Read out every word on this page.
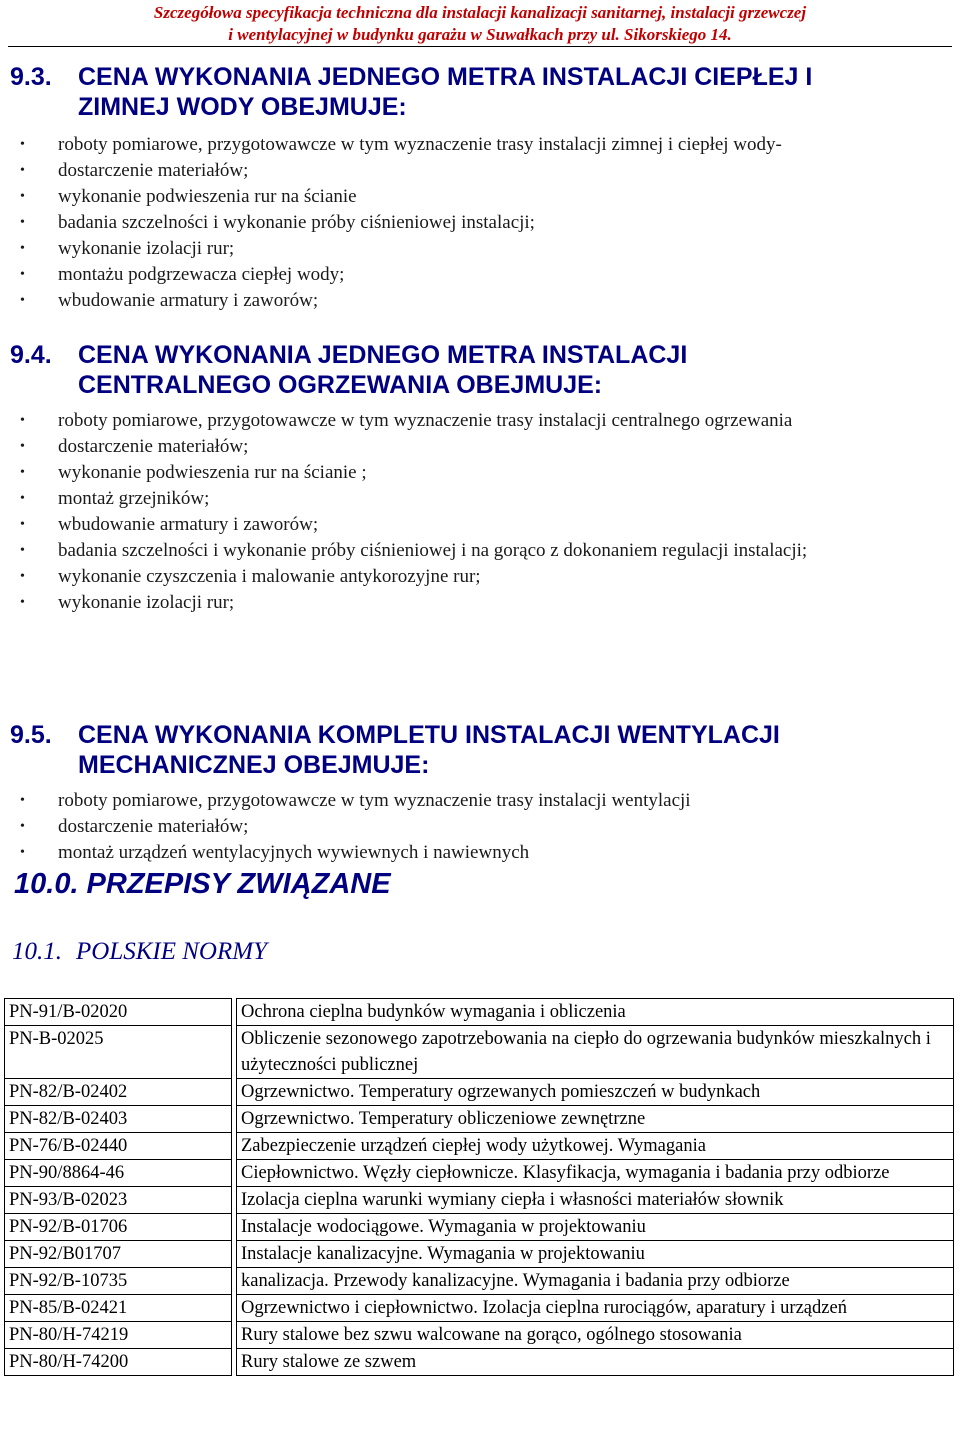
Szczegółowa specyfikacja techniczna dla instalacji kanalizacji sanitarnej, instalacji grzewczej
i wentylacyjnej w budynku garażu w Suwałkach przy ul. Sikorskiego 14.
9.3. CENA WYKONANIA JEDNEGO METRA INSTALACJI CIEPŁEJ I
ZIMNEJ WODY OBEJMUJE:
• roboty pomiarowe, przygotowawcze w tym wyznaczenie trasy instalacji zimnej i ciepłej wody-
• dostarczenie materiałów;
• wykonanie podwieszenia rur na ścianie
• badania szczelności i wykonanie próby ciśnieniowej instalacji;
• wykonanie izolacji rur;
• montażu podgrzewacza ciepłej wody;
• wbudowanie armatury i zaworów;
9.4. CENA WYKONANIA JEDNEGO METRA INSTALACJI
CENTRALNEGO OGRZEWANIA OBEJMUJE:
• roboty pomiarowe, przygotowawcze w tym wyznaczenie trasy instalacji centralnego ogrzewania
• dostarczenie materiałów;
• wykonanie podwieszenia rur na ścianie ;
• montaż grzejników;
• wbudowanie armatury i zaworów;
• badania szczelności i wykonanie próby ciśnieniowej i na gorąco z dokonaniem regulacji instalacji;
• wykonanie czyszczenia i malowanie antykorozyjne rur;
• wykonanie izolacji rur;
9.5. CENA WYKONANIA KOMPLETU INSTALACJI WENTYLACJI
MECHANICZNEJ OBEJMUJE:
• roboty pomiarowe, przygotowawcze w tym wyznaczenie trasy instalacji wentylacji
• dostarczenie materiałów;
• montaż urządzeń wentylacyjnych wywiewnych i nawiewnych
10.0. PRZEPISY ZWIĄZANE
10.1. POLSKIE NORMY
PN-91/B-02020		Ochrona cieplna budynków wymagania i obliczenia
PN-B-02025		Obliczenie sezonowego zapotrzebowania na ciepło do ogrzewania budynków mieszkalnych i użyteczności publicznej
PN-82/B-02402		Ogrzewnictwo. Temperatury ogrzewanych pomieszczeń w budynkach
PN-82/B-02403		Ogrzewnictwo. Temperatury obliczeniowe zewnętrzne
PN-76/B-02440		Zabezpieczenie urządzeń ciepłej wody użytkowej. Wymagania
PN-90/8864-46		Ciepłownictwo. Węzły ciepłownicze. Klasyfikacja, wymagania i badania przy odbiorze
PN-93/B-02023		Izolacja cieplna warunki wymiany ciepła i własności materiałów słownik
PN-92/B-01706		Instalacje wodociągowe. Wymagania w projektowaniu
PN-92/B01707		Instalacje kanalizacyjne. Wymagania w projektowaniu
PN-92/B-10735		kanalizacja. Przewody kanalizacyjne. Wymagania i badania przy odbiorze
PN-85/B-02421		Ogrzewnictwo i ciepłownictwo. Izolacja cieplna rurociągów, aparatury i urządzeń
PN-80/H-74219		Rury stalowe bez szwu walcowane na gorąco, ogólnego stosowania
PN-80/H-74200		Rury stalowe ze szwem
